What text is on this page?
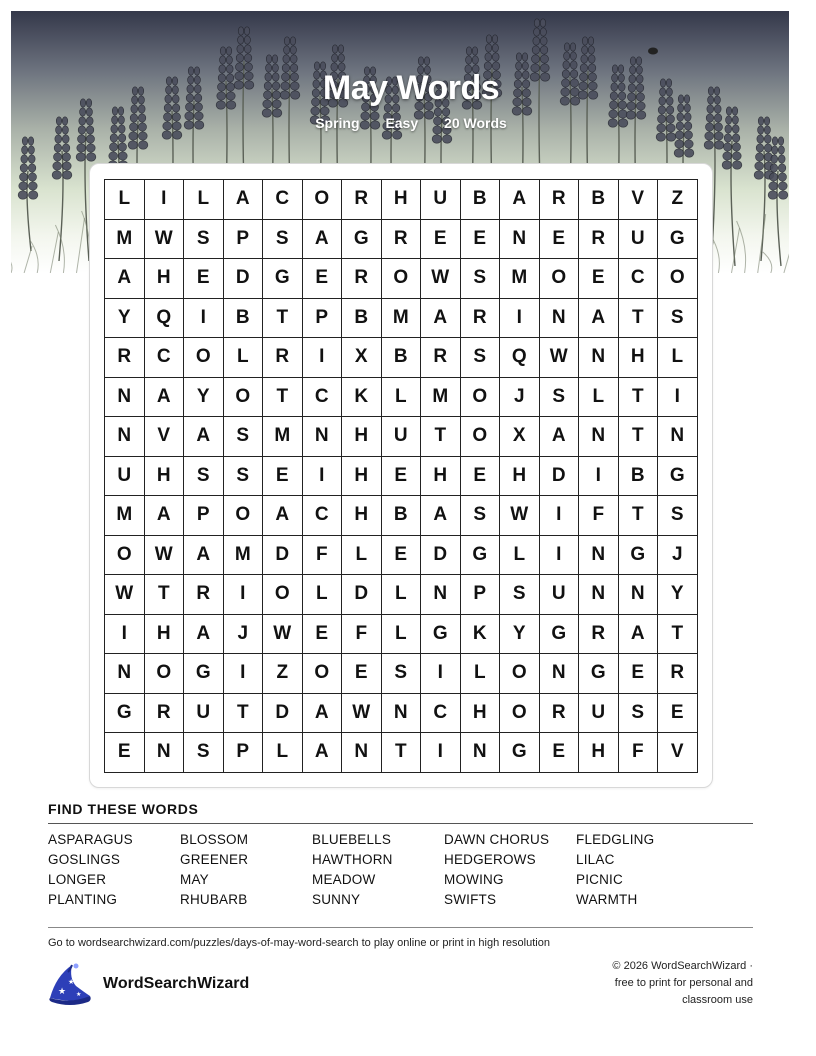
May Words
Spring Easy 20 Words
L	I	L	A	C	O	R	H	U	B	A	R	B	V	Z
M	W	S	P	S	A	G	R	E	E	N	E	R	U	G
A	H	E	D	G	E	R	O	W	S	M	O	E	C	O
Y	Q	I	B	T	P	B	M	A	R	I	N	A	T	S
R	C	O	L	R	I	X	B	R	S	Q	W	N	H	L
N	A	Y	O	T	C	K	L	M	O	J	S	L	T	I
N	V	A	S	M	N	H	U	T	O	X	A	N	T	N
U	H	S	S	E	I	H	E	H	E	H	D	I	B	G
M	A	P	O	A	C	H	B	A	S	W	I	F	T	S
O	W	A	M	D	F	L	E	D	G	L	I	N	G	J
W	T	R	I	O	L	D	L	N	P	S	U	N	N	Y
I	H	A	J	W	E	F	L	G	K	Y	G	R	A	T
N	O	G	I	Z	O	E	S	I	L	O	N	G	E	R
G	R	U	T	D	A	W	N	C	H	O	R	U	S	E
E	N	S	P	L	A	N	T	I	N	G	E	H	F	V
FIND THESE WORDS
ASPARAGUS	BLOSSOM	BLUEBELLS	DAWN CHORUS	FLEDGLING
GOSLINGS	GREENER	HAWTHORN	HEDGEROWS	LILAC
LONGER	MAY	MEADOW	MOWING	PICNIC
PLANTING	RHUBARB	SUNNY	SWIFTS	WARMTH
Go to wordsearchwizard.com/puzzles/days-of-may-word-search to play online or print in high resolution
★
★
★
WordSearchWizard
© 2026 WordSearchWizard ·
free to print for personal and
classroom use
